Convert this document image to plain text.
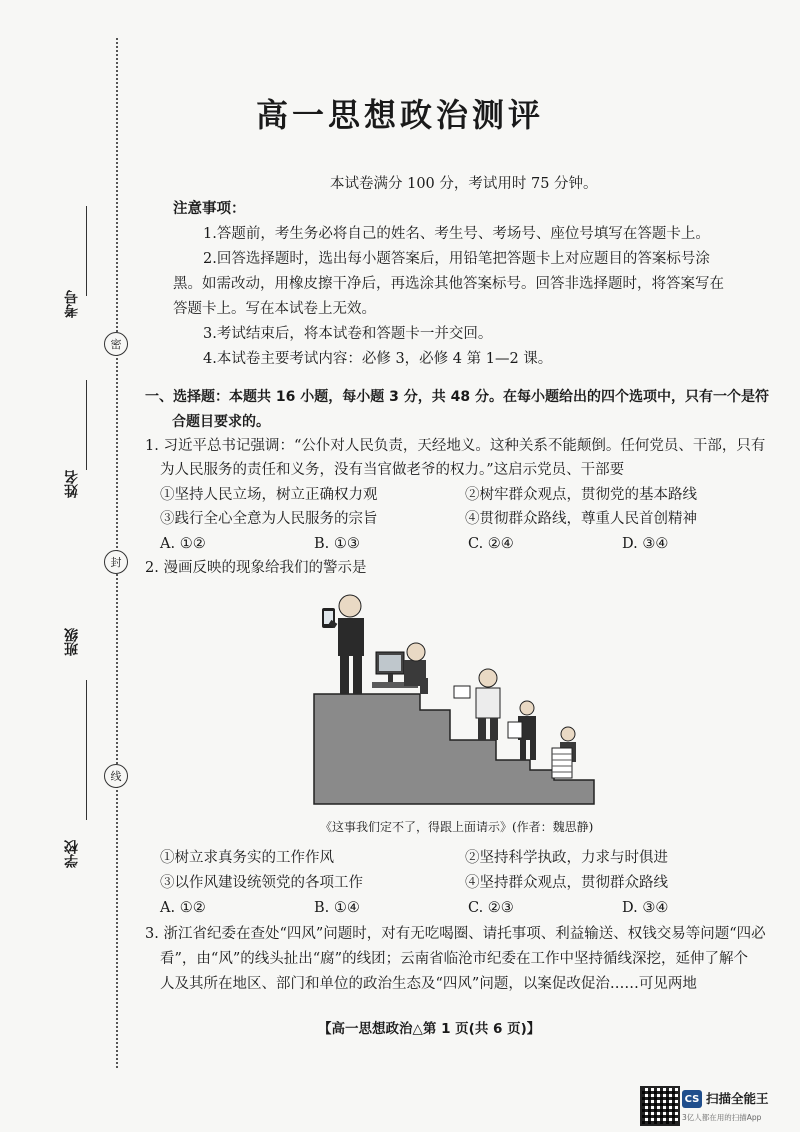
密
封
线
考号
姓名
班级
学校
高一思想政治测评
本试卷满分 100 分，考试用时 75 分钟。
注意事项：
1.答题前，考生务必将自己的姓名、考生号、考场号、座位号填写在答题卡上。
2.回答选择题时，选出每小题答案后，用铅笔把答题卡上对应题目的答案标号涂
黑。如需改动，用橡皮擦干净后，再选涂其他答案标号。回答非选择题时，将答案写在
答题卡上。写在本试卷上无效。
3.考试结束后，将本试卷和答题卡一并交回。
4.本试卷主要考试内容：必修 3，必修 4 第 1—2 课。
一、选择题：本题共 16 小题，每小题 3 分，共 48 分。在每小题给出的四个选项中，只有一个是符
合题目要求的。
1. 习近平总书记强调：“公仆对人民负责，天经地义。这种关系不能颠倒。任何党员、干部，只有
为人民服务的责任和义务，没有当官做老爷的权力。”这启示党员、干部要
①坚持人民立场，树立正确权力观	②树牢群众观点，贯彻党的基本路线
③践行全心全意为人民服务的宗旨	④贯彻群众路线，尊重人民首创精神
A. ①②	B. ①③	C. ②④	D. ③④
2. 漫画反映的现象给我们的警示是
《这事我们定不了，得跟上面请示》(作者：魏思静)
①树立求真务实的工作作风	②坚持科学执政，力求与时俱进
③以作风建设统领党的各项工作	④坚持群众观点，贯彻群众路线
A. ①②	B. ①④	C. ②③	D. ③④
3. 浙江省纪委在查处“四风”问题时，对有无吃喝圈、请托事项、利益输送、权钱交易等问题“四必
看”，由“风”的线头扯出“腐”的线团；云南省临沧市纪委在工作中坚持循线深挖，延伸了解个
人及其所在地区、部门和单位的政治生态及“四风”问题，以案促改促治……可见两地
【高一思想政治△第 1 页(共 6 页)】
CS 扫描全能王
3亿人都在用的扫描App
